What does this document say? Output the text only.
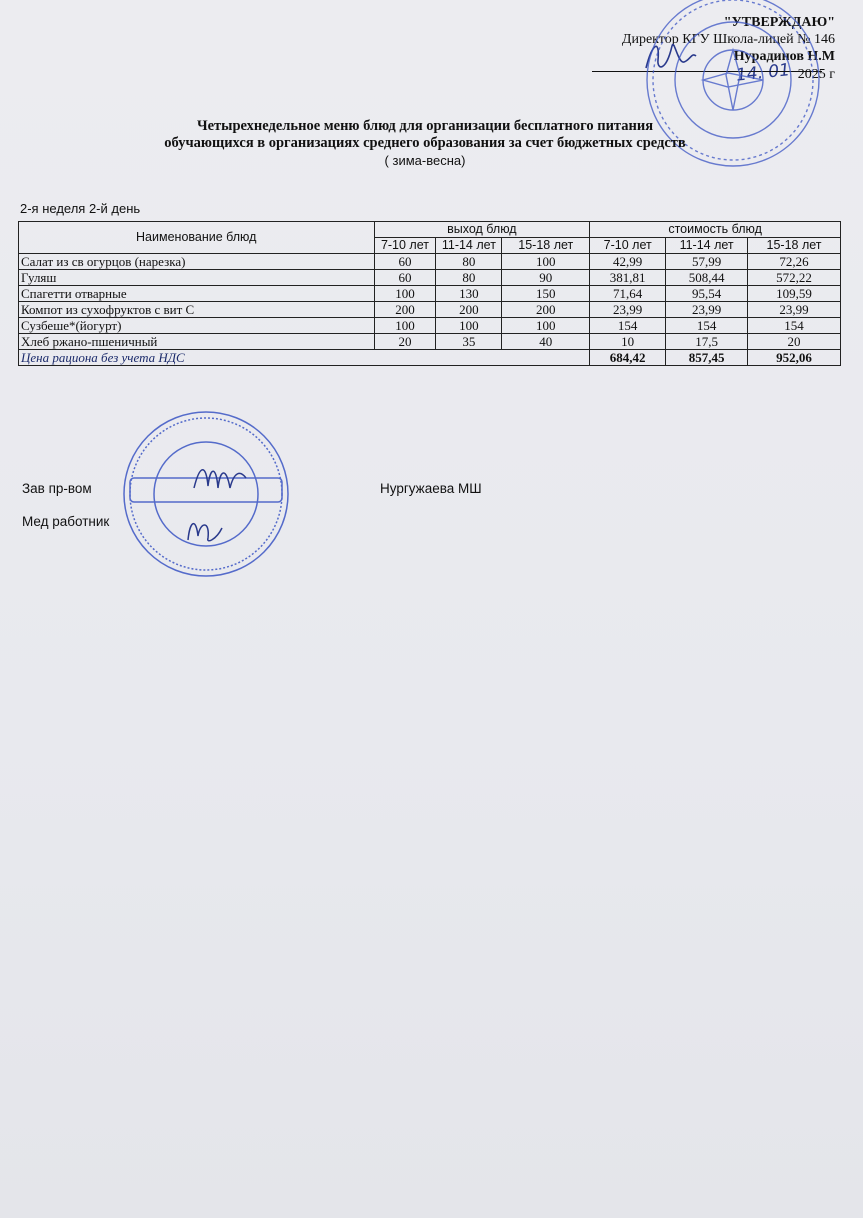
"УТВЕРЖДАЮ"
Директор КГУ Школа-лицей № 146
Нурадинов Н.М
14. 01 2025 г
Четырехнедельное меню блюд для организации бесплатного питания
обучающихся в организациях среднего образования за счет бюджетных средств
( зима-весна)
2-я неделя 2-й день
Наименование блюд	выход блюд			стоимость блюд		
	7-10 лет	11-14 лет	15-18 лет	7-10 лет	11-14 лет	15-18 лет
Салат из св огурцов (нарезка)	60	80	100	42,99	57,99	72,26
Гуляш	60	80	90	381,81	508,44	572,22
Спагетти отварные	100	130	150	71,64	95,54	109,59
Компот из сухофруктов с вит С	200	200	200	23,99	23,99	23,99
Сузбеше*(йогурт)	100	100	100	154	154	154
Хлеб ржано-пшеничный	20	35	40	10	17,5	20
Цена рациона без учета НДС				684,42	857,45	952,06
Зав пр-вом	Нургужаева МШ
Мед работник
